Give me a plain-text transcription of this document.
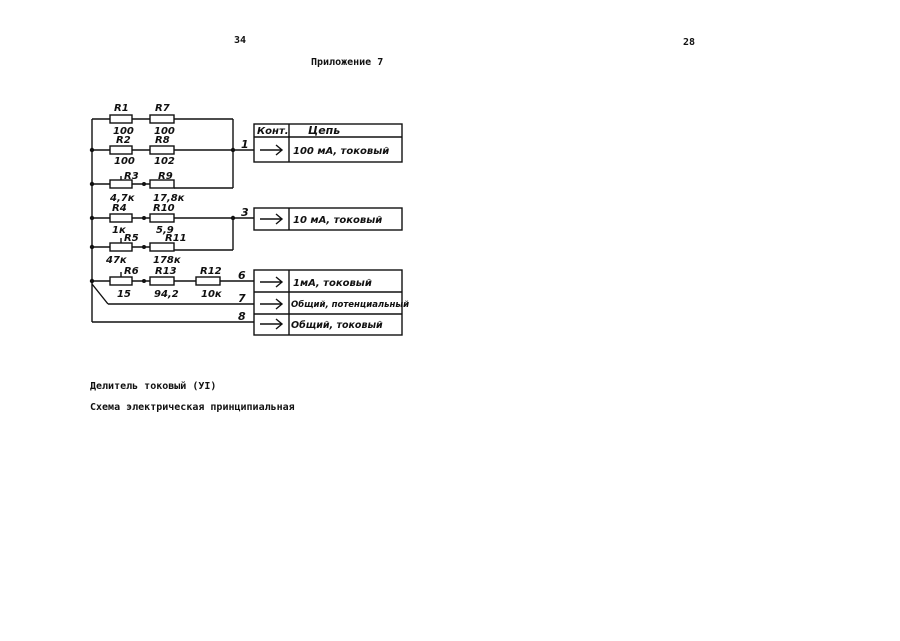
34	28
Приложение 7
Делитель токовый (УI)
Схема электрическая принципиальная
R1
100
R7
100
R2
100
R8
102
R3
4,7к
R9
17,8к
R4
1к
R10
5,9
R5
47к
R11
178к
R6
15
R13
94,2
R12
10к
1
3
6
7
8
Конт. Цепь
100 мА, токовый
10 мА, токовый
1мА, токовый
Общий, потенциальный
Общий, токовый
